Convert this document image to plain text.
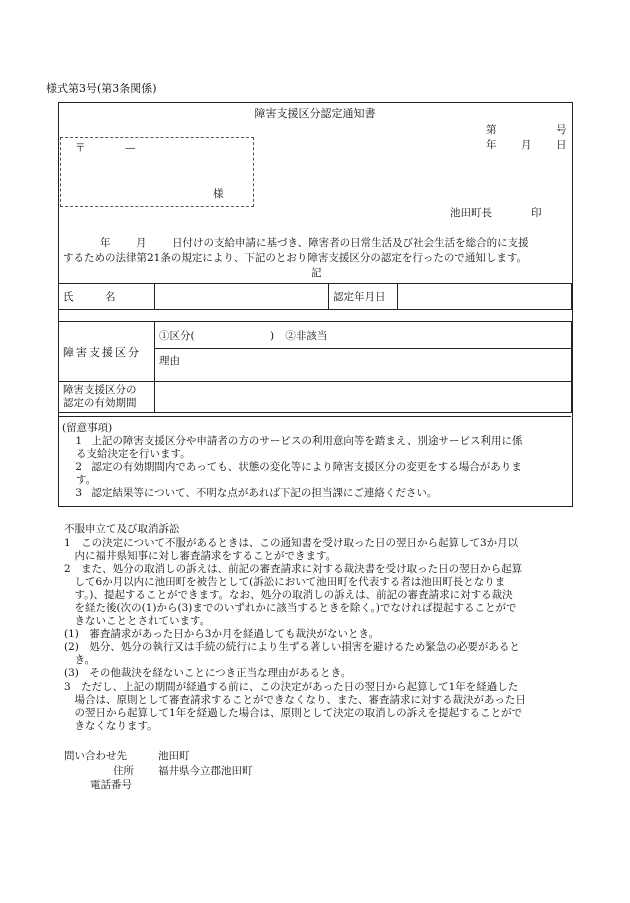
様式第3号(第3条関係)
障害支援区分認定通知書
第	号
年 月 日
〒	—
様
池田町長	印
年 月 日付けの支給申請に基づき、障害者の日常生活及び社会生活を総合的に支援
するための法律第21条の規定により、下記のとおり障害支援区分の認定を行ったので通知します。
記
氏　　　名		認定年月日	
障害支援区分	①区分( ) ②非該当
	理由

障害支援区分の
認定の有効期間	

(留意事項)
1 上記の障害支援区分や申請者の方のサービスの利用意向等を踏まえ、別途サービス利用に係
る支給決定を行います。
2 認定の有効期間内であっても、状態の変化等により障害支援区分の変更をする場合がありま
す。
3 認定結果等について、不明な点があれば下記の担当課にご連絡ください。
不服申立て及び取消訴訟
1　この決定について不服があるときは、この通知書を受け取った日の翌日から起算して3か月以
　内に福井県知事に対し審査請求をすることができます。
2　また、処分の取消しの訴えは、前記の審査請求に対する裁決書を受け取った日の翌日から起算
　して6か月以内に池田町を被告として(訴訟において池田町を代表する者は池田町長となりま
　す。)、提起することができます。なお、処分の取消しの訴えは、前記の審査請求に対する裁決
　を経た後(次の(1)から(3)までのいずれかに該当するときを除く。)でなければ提起することがで
　きないこととされています。
(1)　審査請求があった日から3か月を経過しても裁決がないとき。
(2)　処分、処分の執行又は手続の続行により生ずる著しい損害を避けるため緊急の必要があると
　き。
(3)　その他裁決を経ないことにつき正当な理由があるとき。
3　ただし、上記の期間が経過する前に、この決定があった日の翌日から起算して1年を経過した
　場合は、原則として審査請求することができなくなり、また、審査請求に対する裁決があった日
　の翌日から起算して1年を経過した場合は、原則として決定の取消しの訴えを提起することがで
　きなくなります。
問い合わせ先	池田町
住所 福井県今立郡池田町
電話番号
